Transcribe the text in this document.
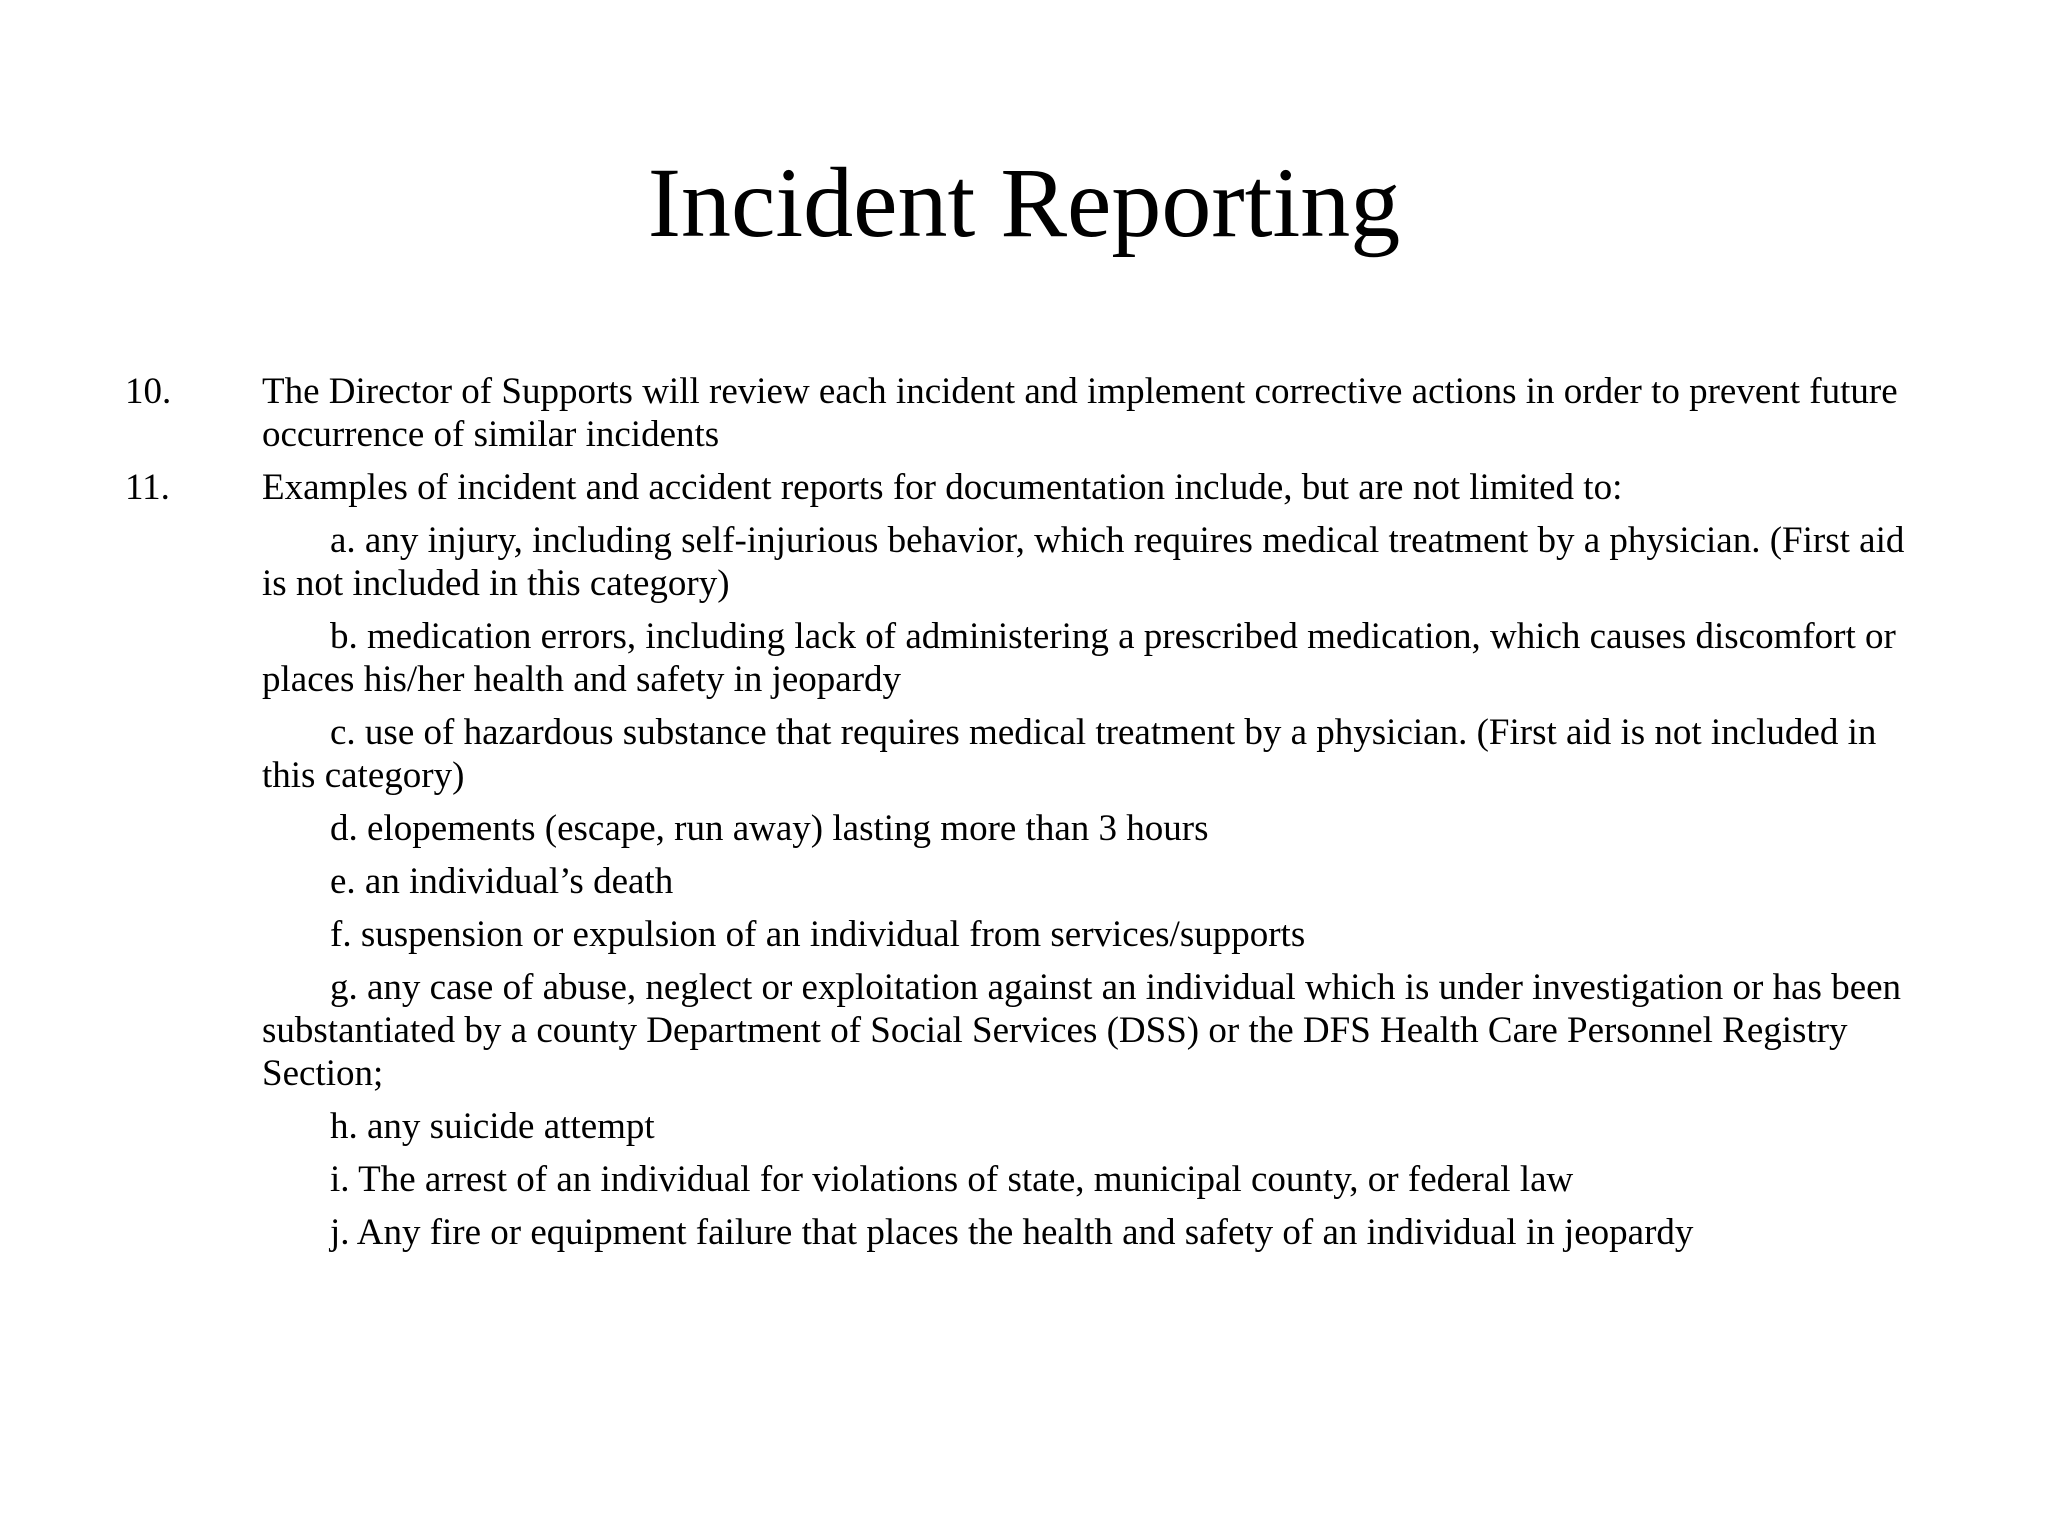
Incident Reporting
10.	The Director of Supports will review each incident and implement corrective actions in order to prevent future occurrence of similar incidents
11.	Examples of incident and accident reports for documentation include, but are not limited to:
a. any injury, including self-injurious behavior, which requires medical treatment by a physician. (First aid is not included in this category)
b. medication errors, including lack of administering a prescribed medication, which causes discomfort or places his/her health and safety in jeopardy
c. use of hazardous substance that requires medical treatment by a physician. (First aid is not included in this category)
d. elopements (escape, run away) lasting more than 3 hours
e. an individual’s death
f. suspension or expulsion of an individual from services/supports
g. any case of abuse, neglect or exploitation against an individual which is under investigation or has been substantiated by a county Department of Social Services (DSS) or the DFS Health Care Personnel Registry Section;
h. any suicide attempt
i. The arrest of an individual for violations of state, municipal county, or federal law
j. Any fire or equipment failure that places the health and safety of an individual in jeopardy
